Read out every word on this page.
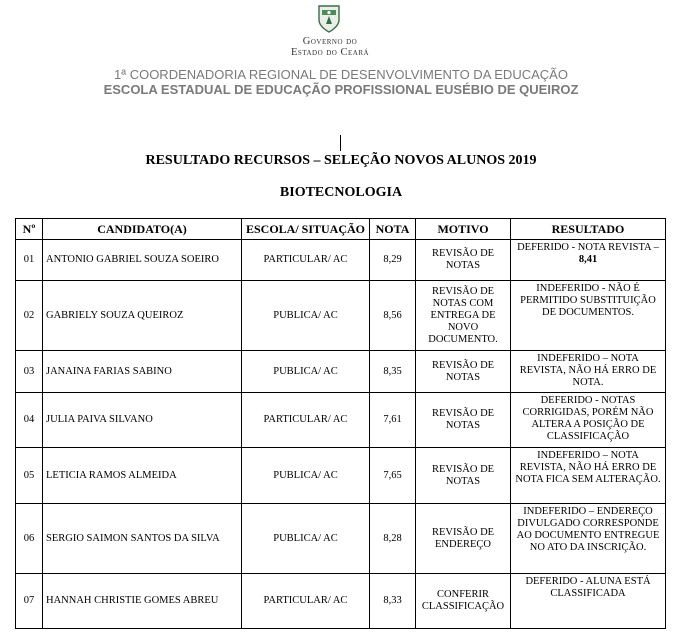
Governo do
Estado do Ceará
1ª COORDENADORIA REGIONAL DE DESENVOLVIMENTO DA EDUCAÇÃO
ESCOLA ESTADUAL DE EDUCAÇÃO PROFISSIONAL EUSÉBIO DE QUEIROZ
RESULTADO RECURSOS – SELEÇÃO NOVOS ALUNOS 2019
BIOTECNOLOGIA
Nº	CANDIDATO(A)	ESCOLA/ SITUAÇÃO	NOTA	MOTIVO	RESULTADO
01	ANTONIO GABRIEL SOUZA SOEIRO	PARTICULAR/ AC	8,29	REVISÃO DE NOTAS	DEFERIDO - NOTA REVISTA –
8,41
02	GABRIELY SOUZA QUEIROZ	PUBLICA/ AC	8,56	REVISÃO DE NOTAS COM ENTREGA DE NOVO DOCUMENTO.	INDEFERIDO - NÃO É PERMITIDO SUBSTITUIÇÃO DE DOCUMENTOS.
03	JANAINA FARIAS SABINO	PUBLICA/ AC	8,35	REVISÃO DE NOTAS	INDEFERIDO – NOTA REVISTA, NÃO HÁ ERRO DE NOTA.
04	JULIA PAIVA SILVANO	PARTICULAR/ AC	7,61	REVISÃO DE NOTAS	DEFERIDO - NOTAS CORRIGIDAS, PORÉM NÃO ALTERA A POSIÇÃO DE CLASSIFICAÇÃO
05	LETICIA RAMOS ALMEIDA	PUBLICA/ AC	7,65	REVISÃO DE NOTAS	INDEFERIDO – NOTA REVISTA, NÃO HÁ ERRO DE NOTA FICA SEM ALTERAÇÃO.
06	SERGIO SAIMON SANTOS DA SILVA	PUBLICA/ AC	8,28	REVISÃO DE ENDEREÇO	INDEFERIDO – ENDEREÇO DIVULGADO CORRESPONDE AO DOCUMENTO ENTREGUE NO ATO DA INSCRIÇÃO.
07	HANNAH CHRISTIE GOMES ABREU	PARTICULAR/ AC	8,33	CONFERIR CLASSIFICAÇÃO	DEFERIDO - ALUNA ESTÁ CLASSIFICADA
